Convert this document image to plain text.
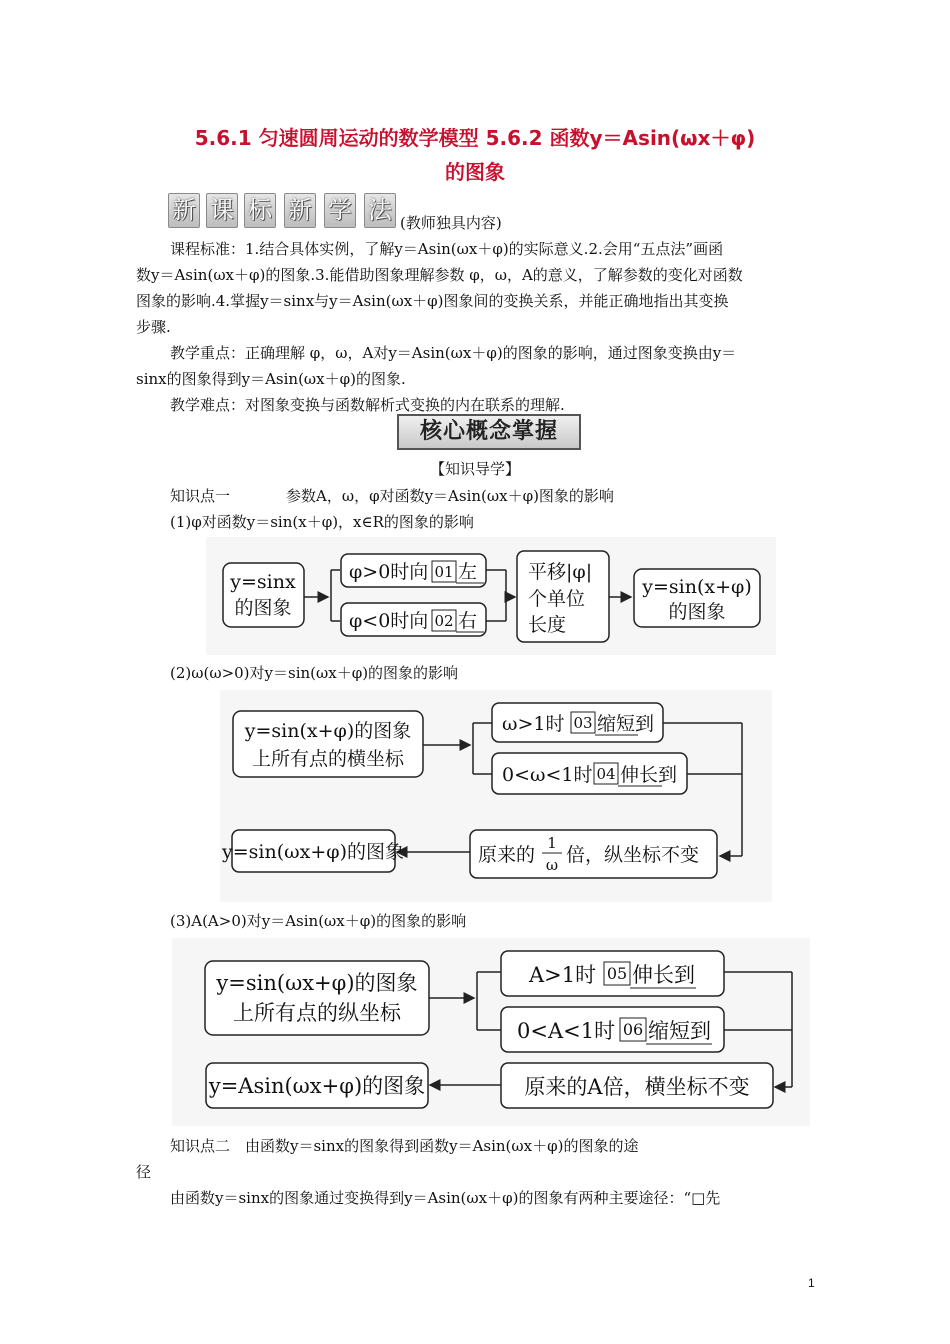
5.6.1 匀速圆周运动的数学模型 5.6.2 函数y＝Asin(ωx＋φ)
的图象
新 课 标 新 学 法 (教师独具内容)
课程标准：1.结合具体实例，了解y＝Asin(ωx＋φ)的实际意义.2.会用“五点法”画函
数y＝Asin(ωx＋φ)的图象.3.能借助图象理解参数 φ，ω，A的意义，了解参数的变化对函数
图象的影响.4.掌握y＝sinx与y＝Asin(ωx＋φ)图象间的变换关系，并能正确地指出其变换
步骤.
教学重点：正确理解 φ，ω，A对y＝Asin(ωx＋φ)的图象的影响，通过图象变换由y＝
sinx的图象得到y＝Asin(ωx＋φ)的图象.
教学难点：对图象变换与函数解析式变换的内在联系的理解.
核心概念掌握
【知识导学】
知识点一	参数A，ω，φ对函数y＝Asin(ωx＋φ)图象的影响
(1)φ对函数y＝sin(x＋φ)，x∈R的图象的影响
y=sinx
的图象
φ>0时向 01 左
φ<0时向 02 右
平移|φ|
个单位
长度
y=sin(x+φ)
的图象
(2)ω(ω>0)对y＝sin(ωx＋φ)的图象的影响
y=sin(x+φ)的图象
上所有点的横坐标
ω>1时 03 缩短到
0<ω<1时 04 伸长到
原来的
1
ω 倍，纵坐标不变
y=sin(ωx+φ)的图象
(3)A(A>0)对y＝Asin(ωx＋φ)的图象的影响
y=sin(ωx+φ)的图象
上所有点的纵坐标
A>1时 05 伸长到
0<A<1时 06 缩短到
原来的A倍，横坐标不变
y=Asin(ωx+φ)的图象
知识点二　由函数y＝sinx的图象得到函数y＝Asin(ωx＋φ)的图象的途
径
由函数y＝sinx的图象通过变换得到y＝Asin(ωx＋φ)的图象有两种主要途径：“□先
1
